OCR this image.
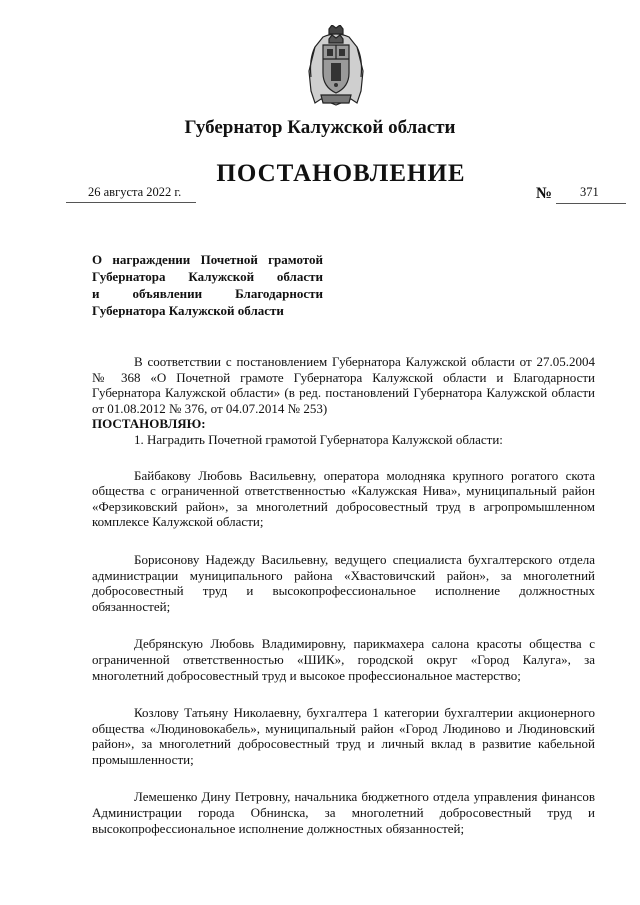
Губернатор Калужской области
ПОСТАНОВЛЕНИЕ
26 августа 2022 г.	№ 371
О награждении Почетной грамотой
Губернатора Калужской области
и объявлении Благодарности
Губернатора Калужской области

В соответствии с постановлением Губернатора Калужской области от 27.05.2004 № 368 «О Почетной грамоте Губернатора Калужской области и Благодарности Губернатора Калужской области» (в ред. постановлений Губернатора Калужской области от 01.08.2012 № 376, от 04.07.2014 № 253)

ПОСТАНОВЛЯЮ:

1. Наградить Почетной грамотой Губернатора Калужской области:

Байбакову Любовь Васильевну, оператора молодняка крупного рогатого скота общества с ограниченной ответственностью «Калужская Нива», муниципальный район «Ферзиковский район», за многолетний добросовестный труд в агропромышленном комплексе Калужской области;

Борисонову Надежду Васильевну, ведущего специалиста бухгалтерского отдела администрации муниципального района «Хвастовичский район», за многолетний добросовестный труд и высокопрофессиональное исполнение должностных обязанностей;

Дебрянскую Любовь Владимировну, парикмахера салона красоты общества с ограниченной ответственностью «ШИК», городской округ «Город Калуга», за многолетний добросовестный труд и высокое профессиональное мастерство;

Козлову Татьяну Николаевну, бухгалтера 1 категории бухгалтерии акционерного общества «Людиновокабель», муниципальный район «Город Людиново и Людиновский район», за многолетний добросовестный труд и личный вклад в развитие кабельной промышленности;

Лемешенко Дину Петровну, начальника бюджетного отдела управления финансов Администрации города Обнинска, за многолетний добросовестный труд и высокопрофессиональное исполнение должностных обязанностей;
